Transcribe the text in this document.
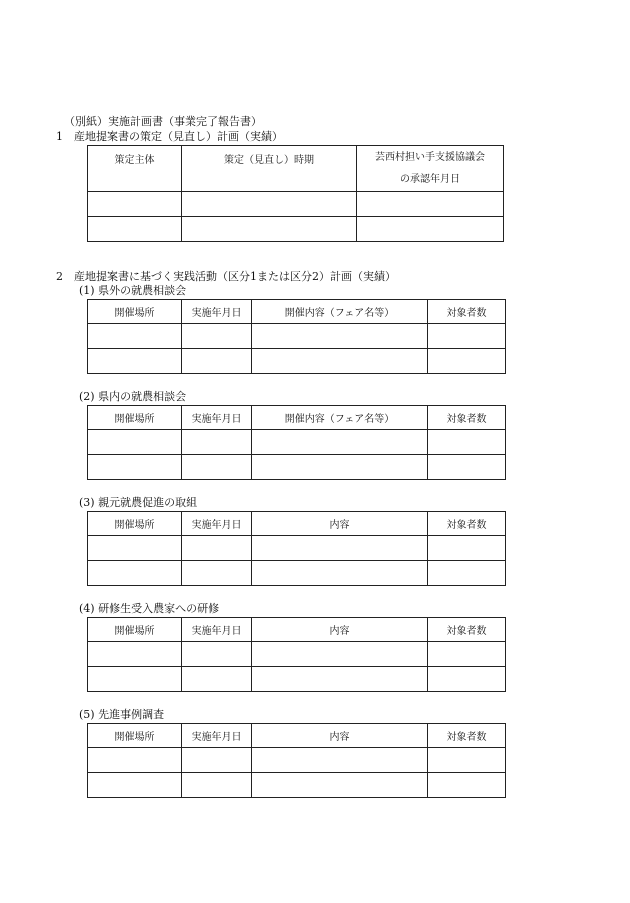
（別紙）実施計画書（事業完了報告書）
1　産地提案書の策定（見直し）計画（実績）
策定主体	策定（見直し）時期	芸西村担い手支援協議会
の承認年月日

2　産地提案書に基づく実践活動（区分1または区分2）計画（実績）
(1) 県外の就農相談会
開催場所	実施年月日	開催内容（フェア名等）	対象者数

(2) 県内の就農相談会
開催場所	実施年月日	開催内容（フェア名等）	対象者数

(3) 親元就農促進の取組
開催場所	実施年月日	内容	対象者数

(4) 研修生受入農家への研修
開催場所	実施年月日	内容	対象者数

(5) 先進事例調査
開催場所	実施年月日	内容	対象者数
